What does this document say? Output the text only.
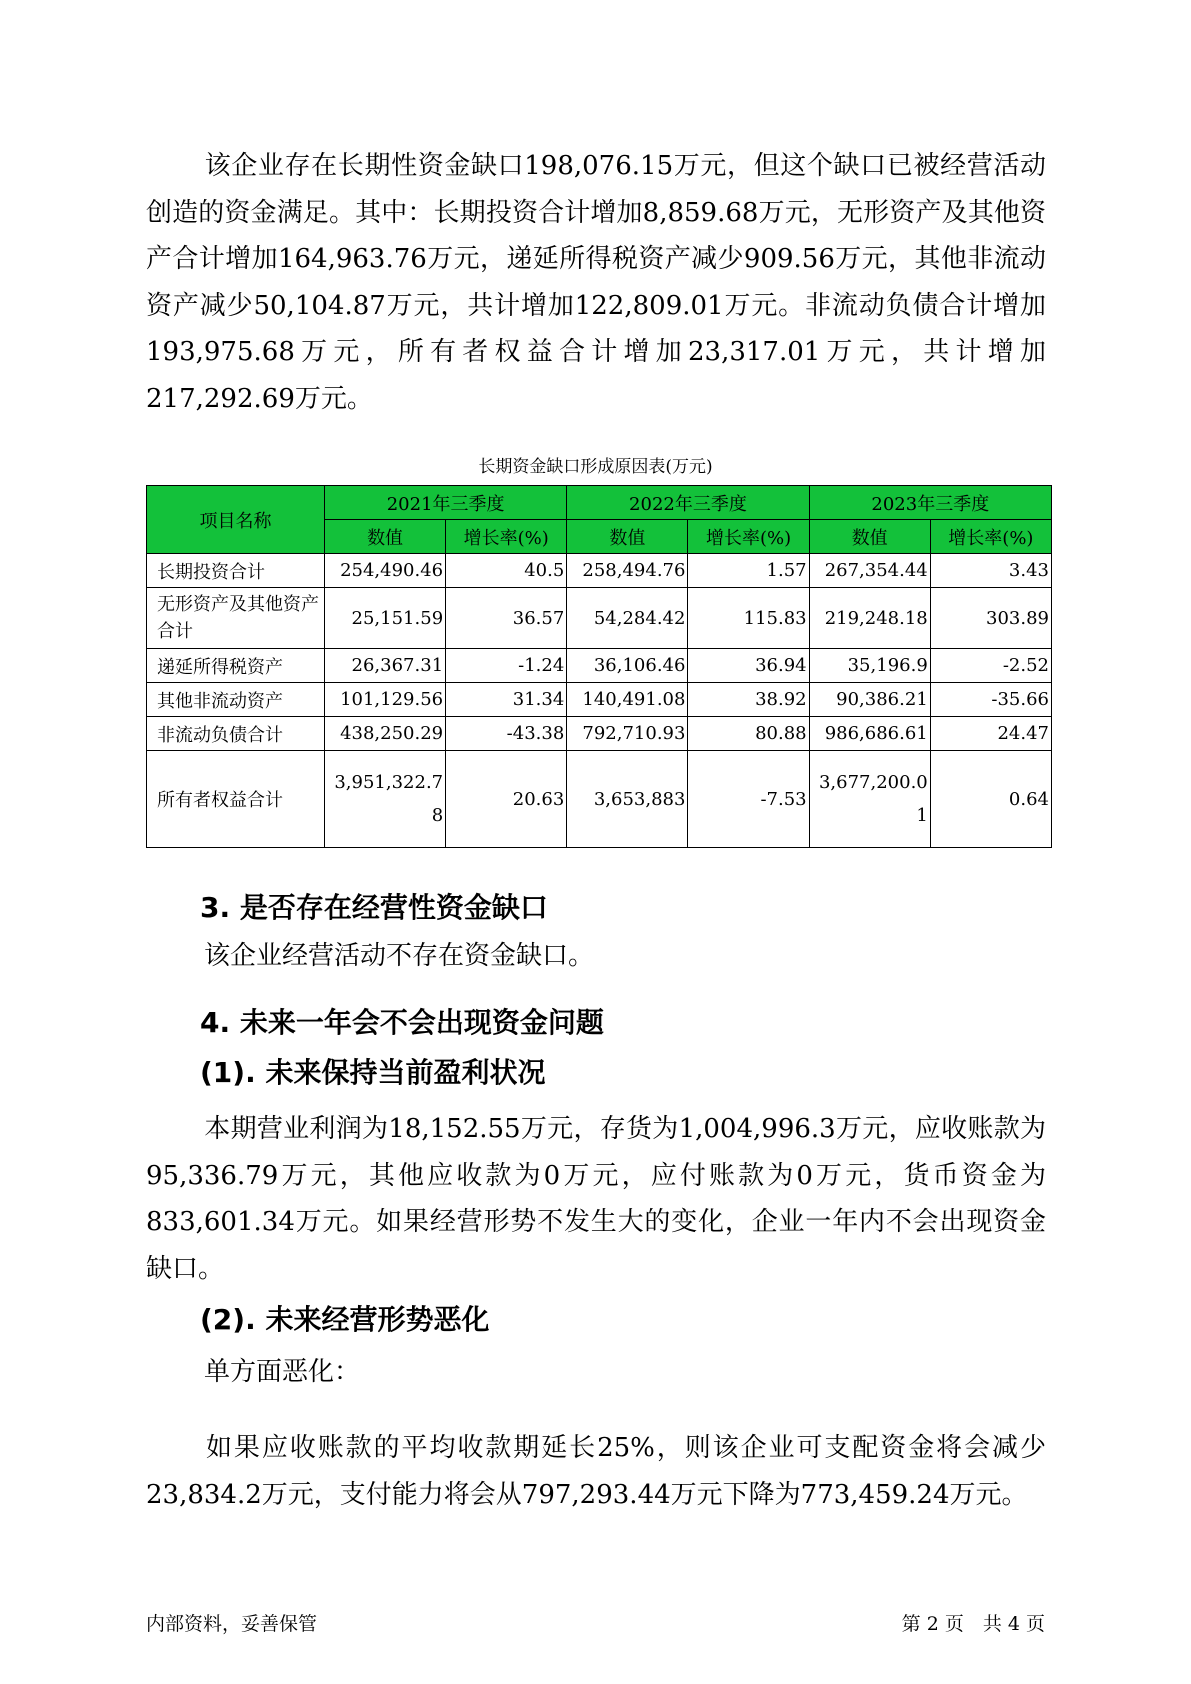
该企业存在长期性资金缺口198,076.15万元，但这个缺口已被经营活动创造的资金满足。其中：长期投资合计增加8,859.68万元，无形资产及其他资产合计增加164,963.76万元，递延所得税资产减少909.56万元，其他非流动资产减少50,104.87万元，共计增加122,809.01万元。非流动负债合计增加193,975.68万元，所有者权益合计增加23,317.01万元，共计增加217,292.69万元。
长期资金缺口形成原因表(万元)
项目名称	2021年三季度		2022年三季度		2023年三季度	
	数值	增长率(%)	数值	增长率(%)	数值	增长率(%)
长期投资合计	254,490.46	40.5	258,494.76	1.57	267,354.44	3.43
无形资产及其他资产合计	25,151.59	36.57	54,284.42	115.83	219,248.18	303.89
递延所得税资产	26,367.31	-1.24	36,106.46	36.94	35,196.9	-2.52
其他非流动资产	101,129.56	31.34	140,491.08	38.92	90,386.21	-35.66
非流动负债合计	438,250.29	-43.38	792,710.93	80.88	986,686.61	24.47
所有者权益合计	3,951,322.78	20.63	3,653,883	-7.53	3,677,200.01	0.64
3. 是否存在经营性资金缺口
该企业经营活动不存在资金缺口。
4. 未来一年会不会出现资金问题
(1). 未来保持当前盈利状况
本期营业利润为18,152.55万元，存货为1,004,996.3万元，应收账款为95,336.79万元，其他应收款为0万元，应付账款为0万元，货币资金为833,601.34万元。如果经营形势不发生大的变化，企业一年内不会出现资金缺口。
(2). 未来经营形势恶化
单方面恶化：
如果应收账款的平均收款期延长25%，则该企业可支配资金将会减少23,834.2万元，支付能力将会从797,293.44万元下降为773,459.24万元。
内部资料，妥善保管	第 2 页　共 4 页
